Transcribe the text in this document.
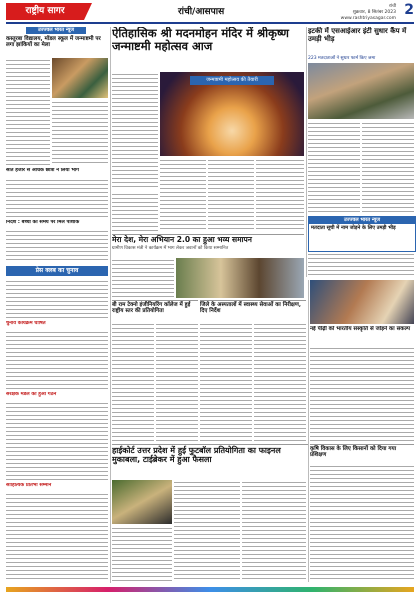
राष्ट्रीय सागर	रांची/आसपास
रांची
शुक्रवार, 8 सितंबर 2023
www.rashtriyasagar.com
2
उज्ज्वल भारत न्यूज
कस्तूरबा विद्यालय, मॉडल स्कूल में जन्माष्टमी पर लगा झांकियों का मेला
सात हजार से अधिक छात्रों ने लिया भाग
निर्देश : बच्चों को समय पर मिले पोशाक
प्रेस क्लब का चुनाव
चुनाव कार्यक्रम घोषित
संरक्षक मंडल का हुआ गठन
साहित्यिक प्रतिभा सम्मान
ऐतिहासिक श्री मदनमोहन मंदिर में श्रीकृष्ण जन्माष्टमी महोत्सव आज
जन्माष्टमी महोत्सव की तैयारी
इटकी में एसआईआर इंटी सुधार कैंप में उमड़ी भीड़
223 मतदाताओं ने सुधार फार्म किए जमा
उज्ज्वल भारत न्यूज
मतदाता सूची में नाम जोड़ने के लिए उमड़ी भीड़
मेरा देश, मेरा अभियान 2.0 का हुआ भव्य समापन
ग्रामीण विकास मंत्री ने कार्यक्रम में भाग लेकर जवानों को किया सम्मानित
बी राम टेक्नो इंजीनियरिंग कॉलेज में हुई राष्ट्रीय स्तर की प्रतियोगिता
जिले के अस्पतालों में स्वास्थ्य सेवाओं का निरीक्षण, दिए निर्देश
नई पीढ़ी को भारतीय संस्कृति से जोड़ने का संकल्प
हाईकोर्ट उत्तर प्रदेश में हुई फुटबॉल प्रतियोगिता का फाइनल मुकाबला, टाईब्रेकर में हुआ फैसला
कृषि विकास के लिए किसानों को दिया गया प्रशिक्षण
